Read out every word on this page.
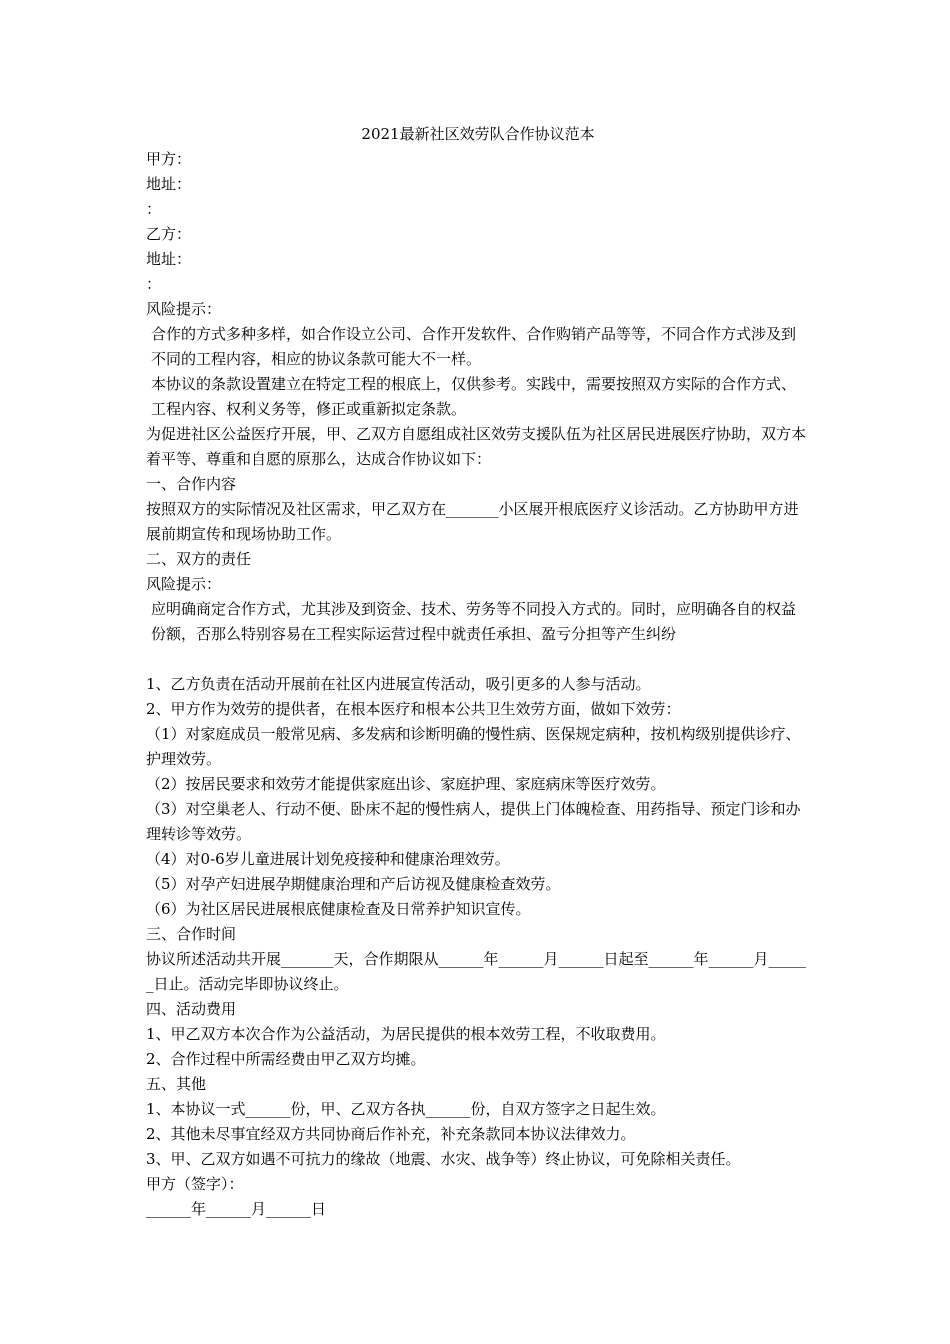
2021最新社区效劳队合作协议范本

甲方：

地址：

：

乙方：

地址：

：

风险提示：

合作的方式多种多样，如合作设立公司、合作开发软件、合作购销产品等等，不同合作方式涉及到不同的工程内容，相应的协议条款可能大不一样。

本协议的条款设置建立在特定工程的根底上，仅供参考。实践中，需要按照双方实际的合作方式、工程内容、权利义务等，修正或重新拟定条款。

为促进社区公益医疗开展，甲、乙双方自愿组成社区效劳支援队伍为社区居民进展医疗协助，双方本着平等、尊重和自愿的原那么，达成合作协议如下：

一、合作内容

按照双方的实际情况及社区需求，甲乙双方在_______小区展开根底医疗义诊活动。乙方协助甲方进展前期宣传和现场协助工作。

二、双方的责任

风险提示：

应明确商定合作方式，尤其涉及到资金、技术、劳务等不同投入方式的。同时，应明确各自的权益份额，否那么特别容易在工程实际运营过程中就责任承担、盈亏分担等产生纠纷

1、乙方负责在活动开展前在社区内进展宣传活动，吸引更多的人参与活动。

2、甲方作为效劳的提供者，在根本医疗和根本公共卫生效劳方面，做如下效劳：

（1）对家庭成员一般常见病、多发病和诊断明确的慢性病、医保规定病种，按机构级别提供诊疗、护理效劳。

（2）按居民要求和效劳才能提供家庭出诊、家庭护理、家庭病床等医疗效劳。

（3）对空巢老人、行动不便、卧床不起的慢性病人，提供上门体魄检查、用药指导、预定门诊和办理转诊等效劳。

（4）对0-6岁儿童进展计划免疫接种和健康治理效劳。

（5）对孕产妇进展孕期健康治理和产后访视及健康检查效劳。

（6）为社区居民进展根底健康检查及日常养护知识宣传。

三、合作时间

协议所述活动共开展_______天，合作期限从______年______月______日起至______年______月______日止。活动完毕即协议终止。

四、活动费用

1、甲乙双方本次合作为公益活动，为居民提供的根本效劳工程，不收取费用。

2、合作过程中所需经费由甲乙双方均摊。

五、其他

1、本协议一式______份，甲、乙双方各执______份，自双方签字之日起生效。

2、其他未尽事宜经双方共同协商后作补充，补充条款同本协议法律效力。

3、甲、乙双方如遇不可抗力的缘故（地震、水灾、战争等）终止协议，可免除相关责任。

甲方（签字）：

______年______月______日
